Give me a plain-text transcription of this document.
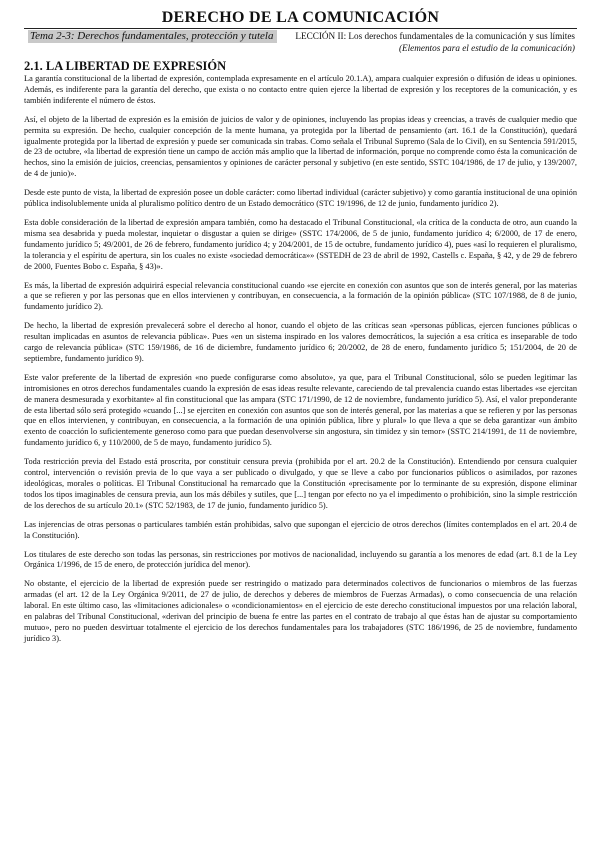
DERECHO DE LA COMUNICACIÓN
Tema 2-3: Derechos fundamentales, protección y tutela	LECCIÓN II: Los derechos fundamentales de la comunicación y sus límites
(Elementos para el estudio de la comunicación)
2.1. LA LIBERTAD DE EXPRESIÓN

La garantía constitucional de la libertad de expresión, contemplada expresamente en el artículo 20.1.A), ampara cualquier expresión o difusión de ideas u opiniones. Además, es indiferente para la garantía del derecho, que exista o no contacto entre quien ejerce la libertad de expresión y los receptores de la comunicación, y es también indiferente el número de éstos.

Así, el objeto de la libertad de expresión es la emisión de juicios de valor y de opiniones, incluyendo las propias ideas y creencias, a través de cualquier medio que permita su expresión. De hecho, cualquier concepción de la mente humana, ya protegida por la libertad de pensamiento (art. 16.1 de la Constitución), quedará igualmente protegida por la libertad de expresión y puede ser comunicada sin trabas. Como señala el Tribunal Supremo (Sala de lo Civil), en su Sentencia 591/2015, de 23 de octubre, «la libertad de expresión tiene un campo de acción más amplio que la libertad de información, porque no comprende como ésta la comunicación de hechos, sino la emisión de juicios, creencias, pensamientos y opiniones de carácter personal y subjetivo (en este sentido, SSTC 104/1986, de 17 de julio, y 139/2007, de 4 de junio)».

Desde este punto de vista, la libertad de expresión posee un doble carácter: como libertad individual (carácter subjetivo) y como garantía institucional de una opinión pública indisolublemente unida al pluralismo político dentro de un Estado democrático (STC 19/1996, de 12 de junio, fundamento jurídico 2).

Esta doble consideración de la libertad de expresión ampara también, como ha destacado el Tribunal Constitucional, «la crítica de la conducta de otro, aun cuando la misma sea desabrida y pueda molestar, inquietar o disgustar a quien se dirige» (SSTC 174/2006, de 5 de junio, fundamento jurídico 4; 6/2000, de 17 de enero, fundamento jurídico 5; 49/2001, de 26 de febrero, fundamento jurídico 4; y 204/2001, de 15 de octubre, fundamento jurídico 4), pues «así lo requieren el pluralismo, la tolerancia y el espíritu de apertura, sin los cuales no existe «sociedad democrática»» (SSTEDH de 23 de abril de 1992, Castells c. España, § 42, y de 29 de febrero de 2000, Fuentes Bobo c. España, § 43)».

Es más, la libertad de expresión adquirirá especial relevancia constitucional cuando «se ejercite en conexión con asuntos que son de interés general, por las materias a que se refieren y por las personas que en ellos intervienen y contribuyan, en consecuencia, a la formación de la opinión pública» (STC 107/1988, de 8 de junio, fundamento jurídico 2).

De hecho, la libertad de expresión prevalecerá sobre el derecho al honor, cuando el objeto de las críticas sean «personas públicas, ejercen funciones públicas o resultan implicadas en asuntos de relevancia pública». Pues «en un sistema inspirado en los valores democráticos, la sujeción a esa crítica es inseparable de todo cargo de relevancia pública» (STC 159/1986, de 16 de diciembre, fundamento jurídico 6; 20/2002, de 28 de enero, fundamento jurídico 5; 151/2004, de 20 de septiembre, fundamento jurídico 9).

Este valor preferente de la libertad de expresión «no puede configurarse como absoluto», ya que, para el Tribunal Constitucional, sólo se pueden legitimar las intromisiones en otros derechos fundamentales cuando la expresión de esas ideas resulte relevante, careciendo de tal prevalencia cuando estas libertades «se ejercitan de manera desmesurada y exorbitante» al fin constitucional que las ampara (STC 171/1990, de 12 de noviembre, fundamento jurídico 5). Así, el valor preponderante de esta libertad sólo será protegido «cuando [...] se ejerciten en conexión con asuntos que son de interés general, por las materias a que se refieren y por las personas que en ellos intervienen, y contribuyan, en consecuencia, a la formación de una opinión pública, libre y plural» lo que lleva a que se deba garantizar «un ámbito exento de coacción lo suficientemente generoso como para que puedan desenvolverse sin angostura, sin timidez y sin temor» (SSTC 214/1991, de 11 de noviembre, fundamento jurídico 6, y 110/2000, de 5 de mayo, fundamento jurídico 5).

Toda restricción previa del Estado está proscrita, por constituir censura previa (prohibida por el art. 20.2 de la Constitución). Entendiendo por censura cualquier control, intervención o revisión previa de lo que vaya a ser publicado o divulgado, y que se lleve a cabo por funcionarios públicos o asimilados, por razones ideológicas, morales o políticas. El Tribunal Constitucional ha remarcado que la Constitución «precisamente por lo terminante de su expresión, dispone eliminar todos los tipos imaginables de censura previa, aun los más débiles y sutiles, que [...] tengan por efecto no ya el impedimento o prohibición, sino la simple restricción de los derechos de su artículo 20.1» (STC 52/1983, de 17 de junio, fundamento jurídico 5).

Las injerencias de otras personas o particulares también están prohibidas, salvo que supongan el ejercicio de otros derechos (límites contemplados en el art. 20.4 de la Constitución).

Los titulares de este derecho son todas las personas, sin restricciones por motivos de nacionalidad, incluyendo su garantía a los menores de edad (art. 8.1 de la Ley Orgánica 1/1996, de 15 de enero, de protección jurídica del menor).

No obstante, el ejercicio de la libertad de expresión puede ser restringido o matizado para determinados colectivos de funcionarios o miembros de las fuerzas armadas (el art. 12 de la Ley Orgánica 9/2011, de 27 de julio, de derechos y deberes de miembros de Fuerzas Armadas), o como consecuencia de una relación laboral. En este último caso, las «limitaciones adicionales» o «condicionamientos» en el ejercicio de este derecho constitucional impuestos por una relación laboral, en palabras del Tribunal Constitucional, «derivan del principio de buena fe entre las partes en el contrato de trabajo al que éstas han de ajustar su comportamiento mutuo», pero no pueden desvirtuar totalmente el ejercicio de los derechos fundamentales para los trabajadores (STC 186/1996, de 25 de noviembre, fundamento jurídico 3).
